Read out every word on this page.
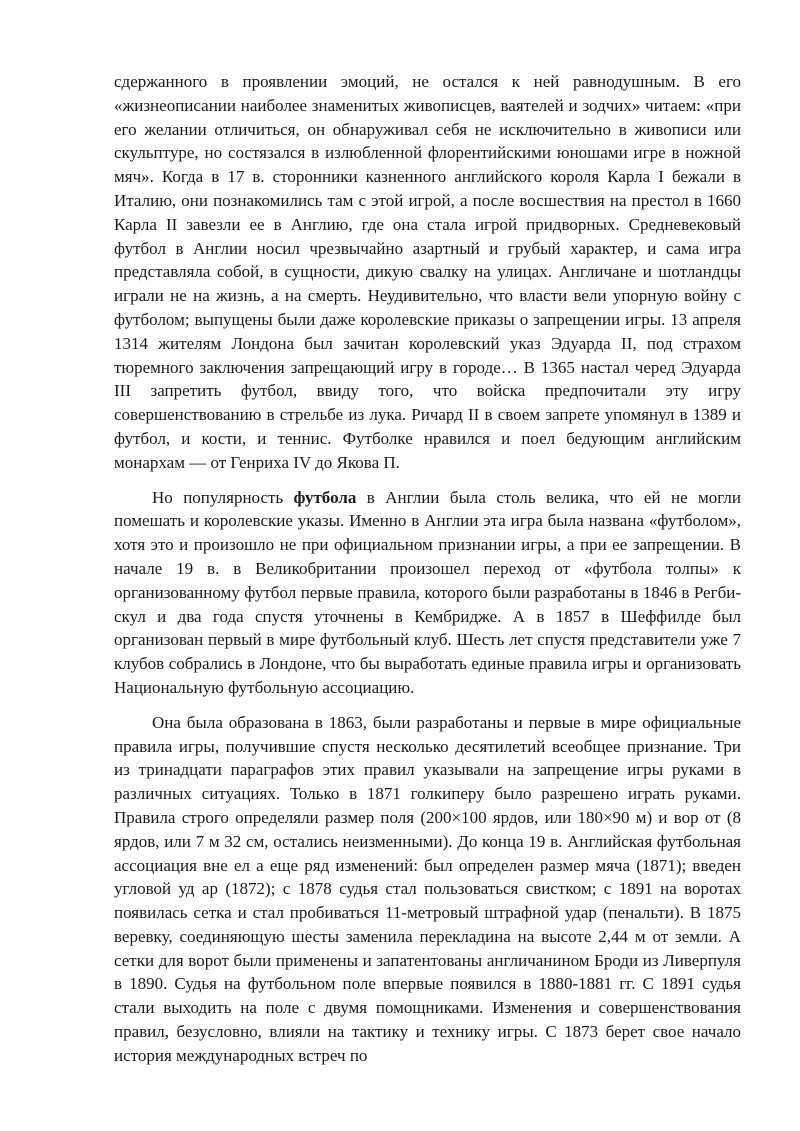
сдержанного в проявлении эмоций, не остался к ней равнодушным. В его «жизнеописании наиболее знаменитых живописцев, ваятелей и зодчих» читаем: «при его желании отличиться, он обнаруживал себя не исключительно в живописи или скульптуре, но состязался в излюбленной флорентийскими юношами игре в ножной мяч». Когда в 17 в. сторонники казненного английского короля Карла I бежали в Италию, они познакомились там с этой игрой, а после восшествия на престол в 1660 Карла II завезли ее в Англию, где она стала игрой придворных. Средневековый футбол в Англии носил чрезвычайно азартный и грубый характер, и сама игра представляла собой, в сущности, дикую свалку на улицах. Англичане и шотландцы играли не на жизнь, а на смерть. Неудивительно, что власти вели упорную войну с футболом; выпущены были даже королевские приказы о запрещении игры. 13 апреля 1314 жителям Лондона был зачитан королевский указ Эдуарда II, под страхом тюремного заключения запрещающий игру в городе… В 1365 настал черед Эдуарда III запретить футбол, ввиду того, что войска предпочитали эту игру совершенствованию в стрельбе из лука. Ричард II в своем запрете упомянул в 1389 и футбол, и кости, и теннис. Футболке нравился и поел бедующим английским монархам — от Генриха IV до Якова П.

Но популярность футбола в Англии была столь велика, что ей не могли помешать и королевские указы. Именно в Англии эта игра была названа «футболом», хотя это и произошло не при официальном признании игры, а при ее запрещении. В начале 19 в. в Великобритании произошел переход от «футбола толпы» к организованному футбол первые правила, которого были разработаны в 1846 в Регби-скул и два года спустя уточнены в Кембридже. А в 1857 в Шеффилде был организован первый в мире футбольный клуб. Шесть лет спустя представители уже 7 клубов собрались в Лондоне, что бы выработать единые правила игры и организовать Национальную футбольную ассоциацию.

Она была образована в 1863, были разработаны и первые в мире официальные правила игры, получившие спустя несколько десятилетий всеобщее признание. Три из тринадцати параграфов этих правил указывали на запрещение игры руками в различных ситуациях. Только в 1871 голкиперу было разрешено играть руками. Правила строго определяли размер поля (200×100 ярдов, или 180×90 м) и вор от (8 ярдов, или 7 м 32 см, остались неизменными). До конца 19 в. Английская футбольная ассоциация вне ел а еще ряд изменений: был определен размер мяча (1871); введен угловой уд ар (1872); с 1878 судья стал пользоваться свистком; с 1891 на воротах появилась сетка и стал пробиваться 11-метровый штрафной удар (пенальти). В 1875 веревку, соединяющую шесты заменила перекладина на высоте 2,44 м от земли. А сетки для ворот были применены и запатентованы англичанином Броди из Ливерпуля в 1890. Судья на футбольном поле впервые появился в 1880-1881 гг. С 1891 судья стали выходить на поле с двумя помощниками. Изменения и совершенствования правил, безусловно, влияли на тактику и технику игры. С 1873 берет свое начало история международных встреч по
